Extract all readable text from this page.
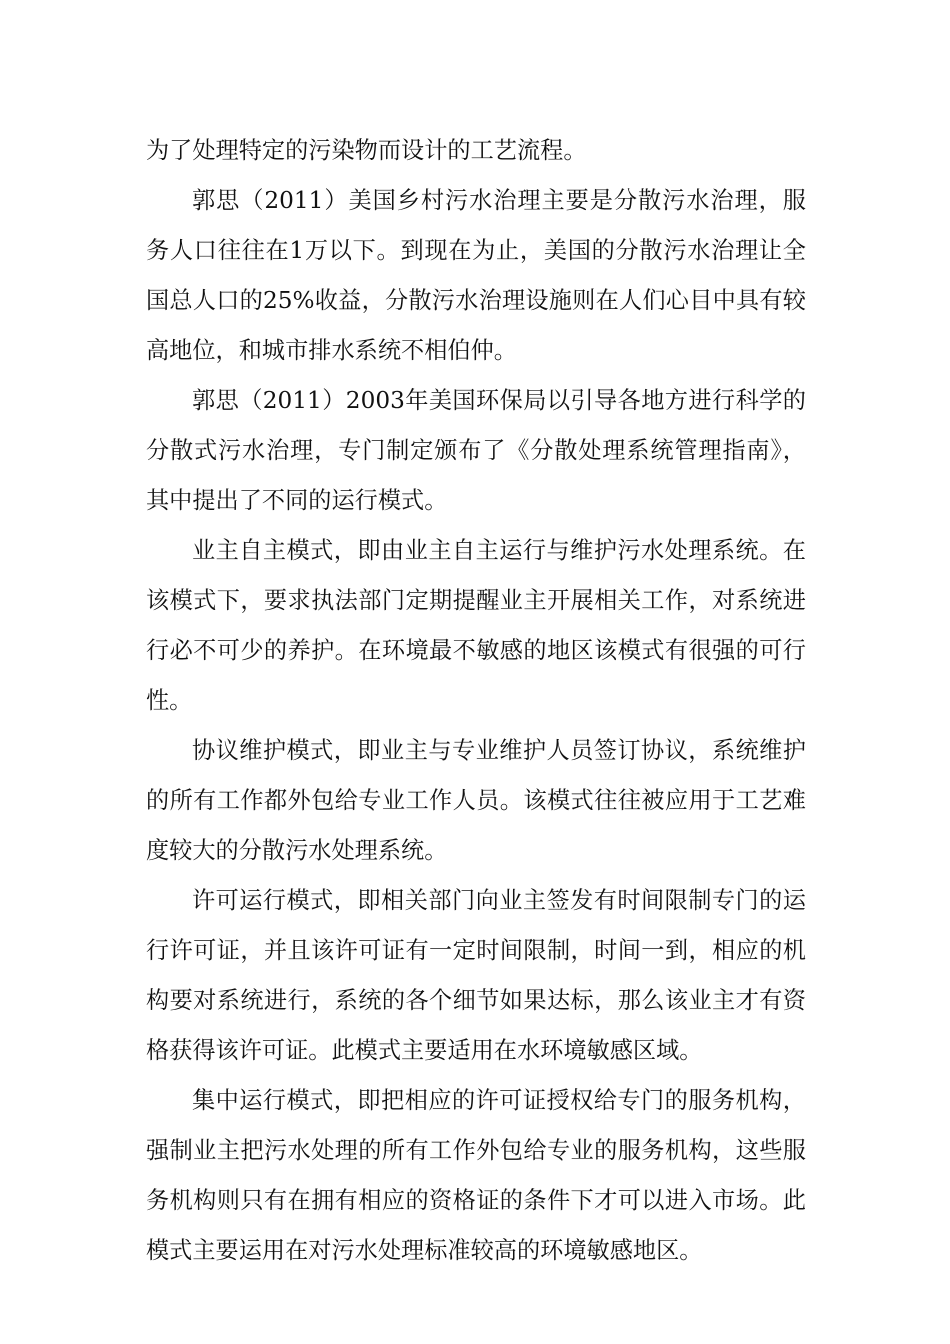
为了处理特定的污染物而设计的工艺流程。

郭思（2011）美国乡村污水治理主要是分散污水治理，服务人口往往在1万以下。到现在为止，美国的分散污水治理让全国总人口的25%收益，分散污水治理设施则在人们心目中具有较高地位，和城市排水系统不相伯仲。

郭思（2011）2003年美国环保局以引导各地方进行科学的分散式污水治理，专门制定颁布了《分散处理系统管理指南》，其中提出了不同的运行模式。

业主自主模式，即由业主自主运行与维护污水处理系统。在该模式下，要求执法部门定期提醒业主开展相关工作，对系统进行必不可少的养护。在环境最不敏感的地区该模式有很强的可行性。

协议维护模式，即业主与专业维护人员签订协议，系统维护的所有工作都外包给专业工作人员。该模式往往被应用于工艺难度较大的分散污水处理系统。

许可运行模式，即相关部门向业主签发有时间限制专门的运行许可证，并且该许可证有一定时间限制，时间一到，相应的机构要对系统进行，系统的各个细节如果达标，那么该业主才有资格获得该许可证。此模式主要适用在水环境敏感区域。

集中运行模式，即把相应的许可证授权给专门的服务机构，强制业主把污水处理的所有工作外包给专业的服务机构，这些服务机构则只有在拥有相应的资格证的条件下才可以进入市场。此模式主要运用在对污水处理标准较高的环境敏感地区。
